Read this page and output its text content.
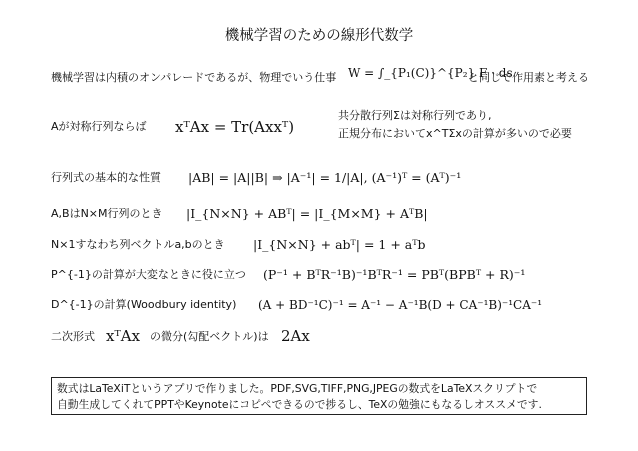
機械学習のための線形代数学
機械学習は内積のオンパレードであるが、物理でいう仕事 W = ∫_{P₁(C)}^{P₂} F · ds
と同じで作用素と考える
Aが対称行列ならば xᵀAx = Tr(Axxᵀ)
共分散行列Σは対称行列であり,
正規分布においてx^TΣxの計算が多いので必要
行列式の基本的な性質 |AB| = |A||B| ⇒ |A⁻¹| = 1/|A|, (A⁻¹)ᵀ = (Aᵀ)⁻¹
A,BはN×M行列のとき |I_{N×N} + ABᵀ| = |I_{M×M} + AᵀB|
N×1すなわち列ベクトルa,bのとき |I_{N×N} + abᵀ| = 1 + aᵀb
P^{-1}の計算が大変なときに役に立つ (P⁻¹ + BᵀR⁻¹B)⁻¹BᵀR⁻¹ = PBᵀ(BPBᵀ + R)⁻¹
D^{-1}の計算(Woodbury identity) (A + BD⁻¹C)⁻¹ = A⁻¹ − A⁻¹B(D + CA⁻¹B)⁻¹CA⁻¹
二次形式 xᵀAx の微分(勾配ベクトル)は 2Ax
数式はLaTeXiTというアプリで作りました。PDF,SVG,TIFF,PNG,JPEGの数式をLaTeXスクリプトで
自動生成してくれてPPTやKeynoteにコピペできるので捗るし、TeXの勉強にもなるしオススメです.
